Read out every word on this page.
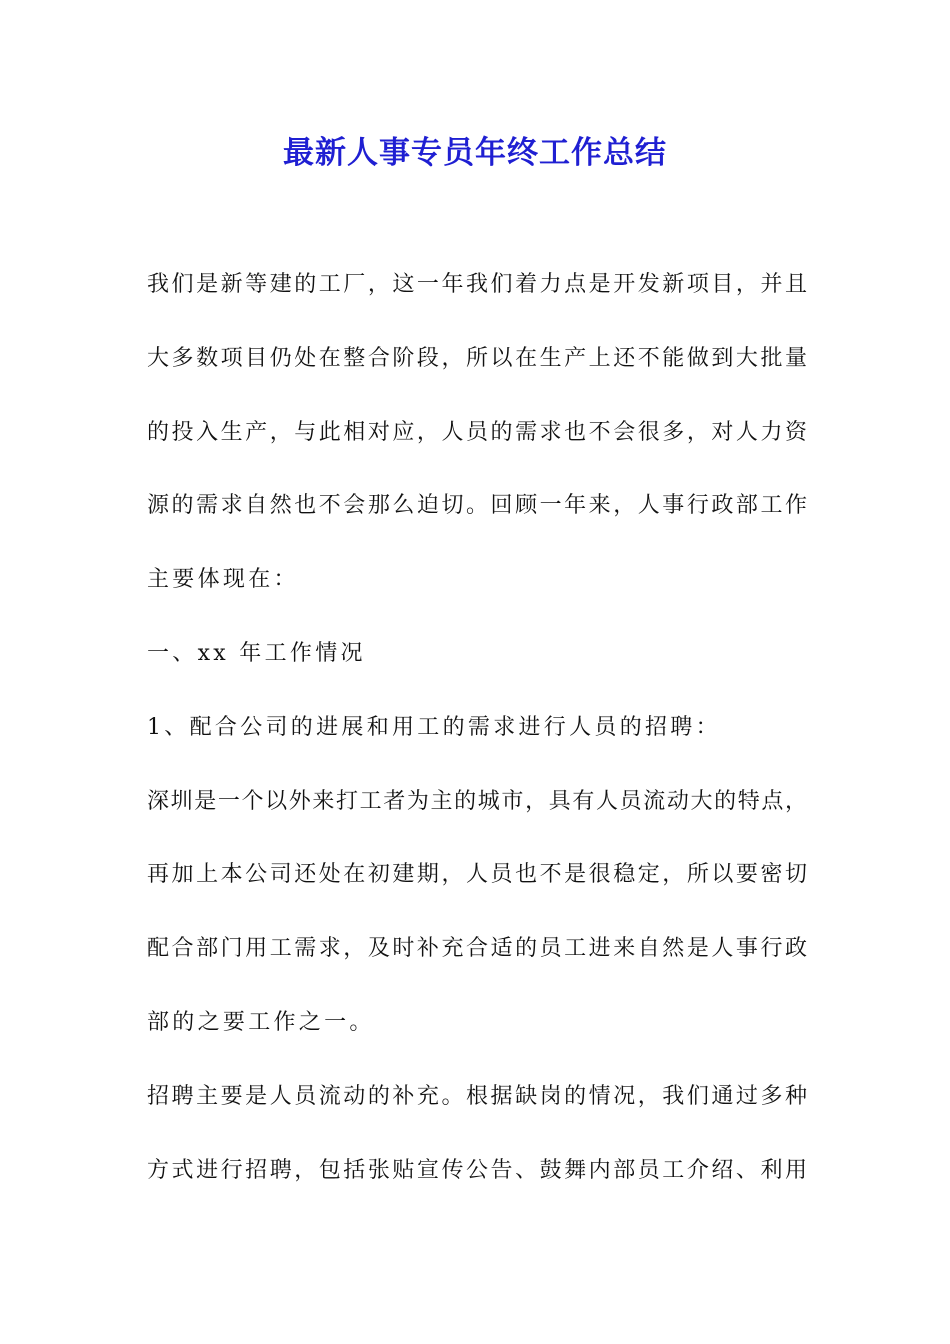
最新人事专员年终工作总结
我们是新等建的工厂，这一年我们着力点是开发新项目，并且
大多数项目仍处在整合阶段，所以在生产上还不能做到大批量
的投入生产，与此相对应，人员的需求也不会很多，对人力资
源的需求自然也不会那么迫切。回顾一年来，人事行政部工作
主要体现在：
一、xx 年工作情况
1、配合公司的进展和用工的需求进行人员的招聘：
深圳是一个以外来打工者为主的城市，具有人员流动大的特点，
再加上本公司还处在初建期，人员也不是很稳定，所以要密切
配合部门用工需求，及时补充合适的员工进来自然是人事行政
部的之要工作之一。
招聘主要是人员流动的补充。根据缺岗的情况，我们通过多种
方式进行招聘，包括张贴宣传公告、鼓舞内部员工介绍、利用
